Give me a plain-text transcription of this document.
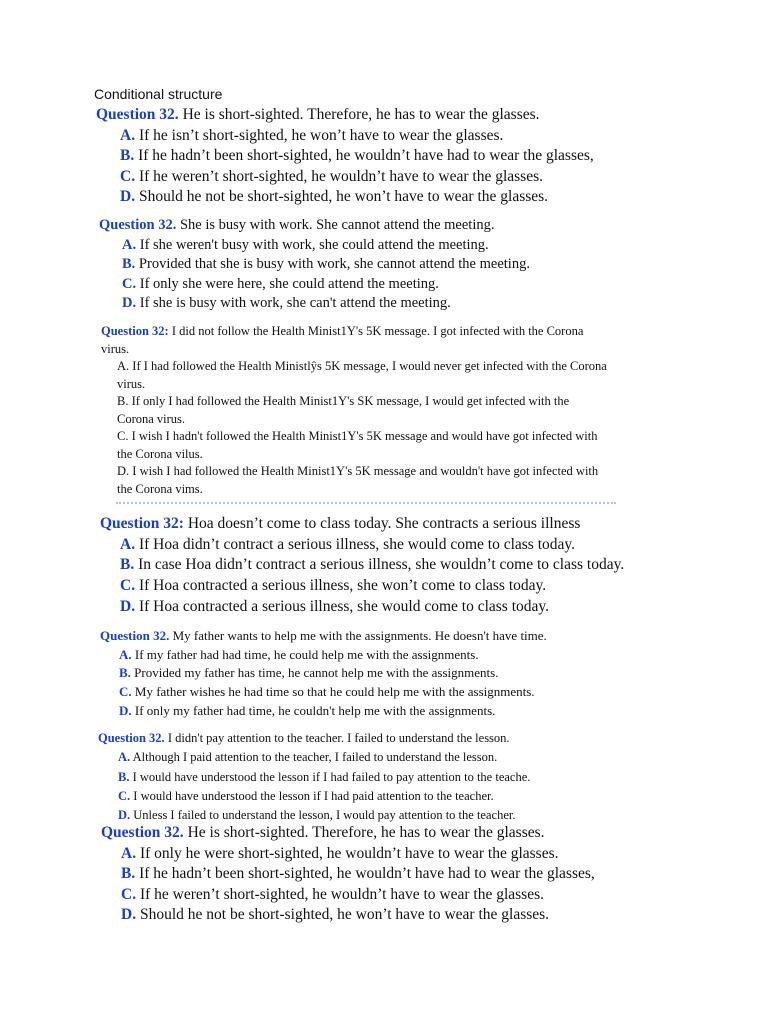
Conditional structure
Question 32. He is short-sighted. Therefore, he has to wear the glasses.
A. If he isn’t short-sighted, he won’t have to wear the glasses.
B. If he hadn’t been short-sighted, he wouldn’t have had to wear the glasses,
C. If he weren’t short-sighted, he wouldn’t have to wear the glasses.
D. Should he not be short-sighted, he won’t have to wear the glasses.
Question 32. She is busy with work. She cannot attend the meeting.
A. If she weren't busy with work, she could attend the meeting.
B. Provided that she is busy with work, she cannot attend the meeting.
C. If only she were here, she could attend the meeting.
D. If she is busy with work, she can't attend the meeting.
Question 32: I did not follow the Health Minist1Y's 5K message. I got infected with the Corona
virus.
A. If I had followed the Health Ministlŷs 5K message, I would never get infected with the Corona
virus.
B. If only I had followed the Health Minist1Y's SK message, I would get infected with the
Corona virus.
C. I wish I hadn't followed the Health Minist1Y's 5K message and would have got infected with
the Corona vilus.
D. I wish I had followed the Health Minist1Y's 5K message and wouldn't have got infected with
the Corona vims.
Question 32: Hoa doesn’t come to class today. She contracts a serious illness
A. If Hoa didn’t contract a serious illness, she would come to class today.
B. In case Hoa didn’t contract a serious illness, she wouldn’t come to class today.
C. If Hoa contracted a serious illness, she won’t come to class today.
D. If Hoa contracted a serious illness, she would come to class today.
Question 32. My father wants to help me with the assignments. He doesn't have time.
A. If my father had had time, he could help me with the assignments.
B. Provided my father has time, he cannot help me with the assignments.
C. My father wishes he had time so that he could help me with the assignments.
D. If only my father had time, he couldn't help me with the assignments.
Question 32. I didn't pay attention to the teacher. I failed to understand the lesson.
A. Although I paid attention to the teacher, I failed to understand the lesson.
B. I would have understood the lesson if I had failed to pay attention to the teache.
C. I would have understood the lesson if I had paid attention to the teacher.
D. Unless I failed to understand the lesson, I would pay attention to the teacher.
Question 32. He is short-sighted. Therefore, he has to wear the glasses.
A. If only he were short-sighted, he wouldn’t have to wear the glasses.
B. If he hadn’t been short-sighted, he wouldn’t have had to wear the glasses,
C. If he weren’t short-sighted, he wouldn’t have to wear the glasses.
D. Should he not be short-sighted, he won’t have to wear the glasses.
